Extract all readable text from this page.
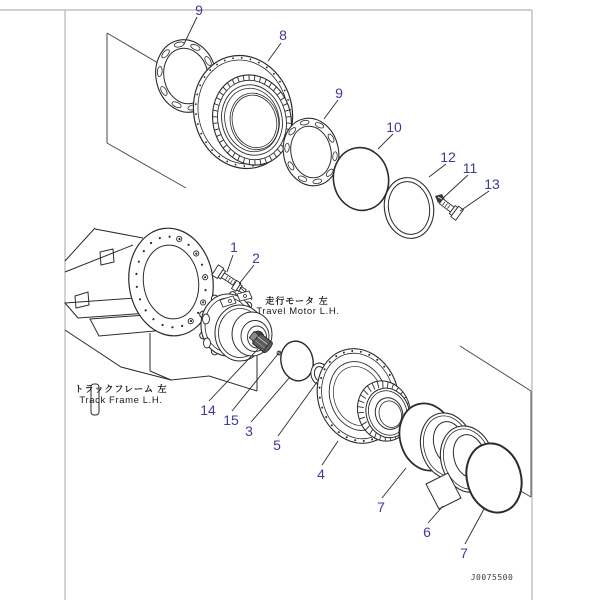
9
8
9
10
12
11
13
1
2
14
15
3
5
4
7
6
7
走行モータ 左
Travel Motor L.H.
トラックフレーム 左
Track Frame L.H.
J0075500
